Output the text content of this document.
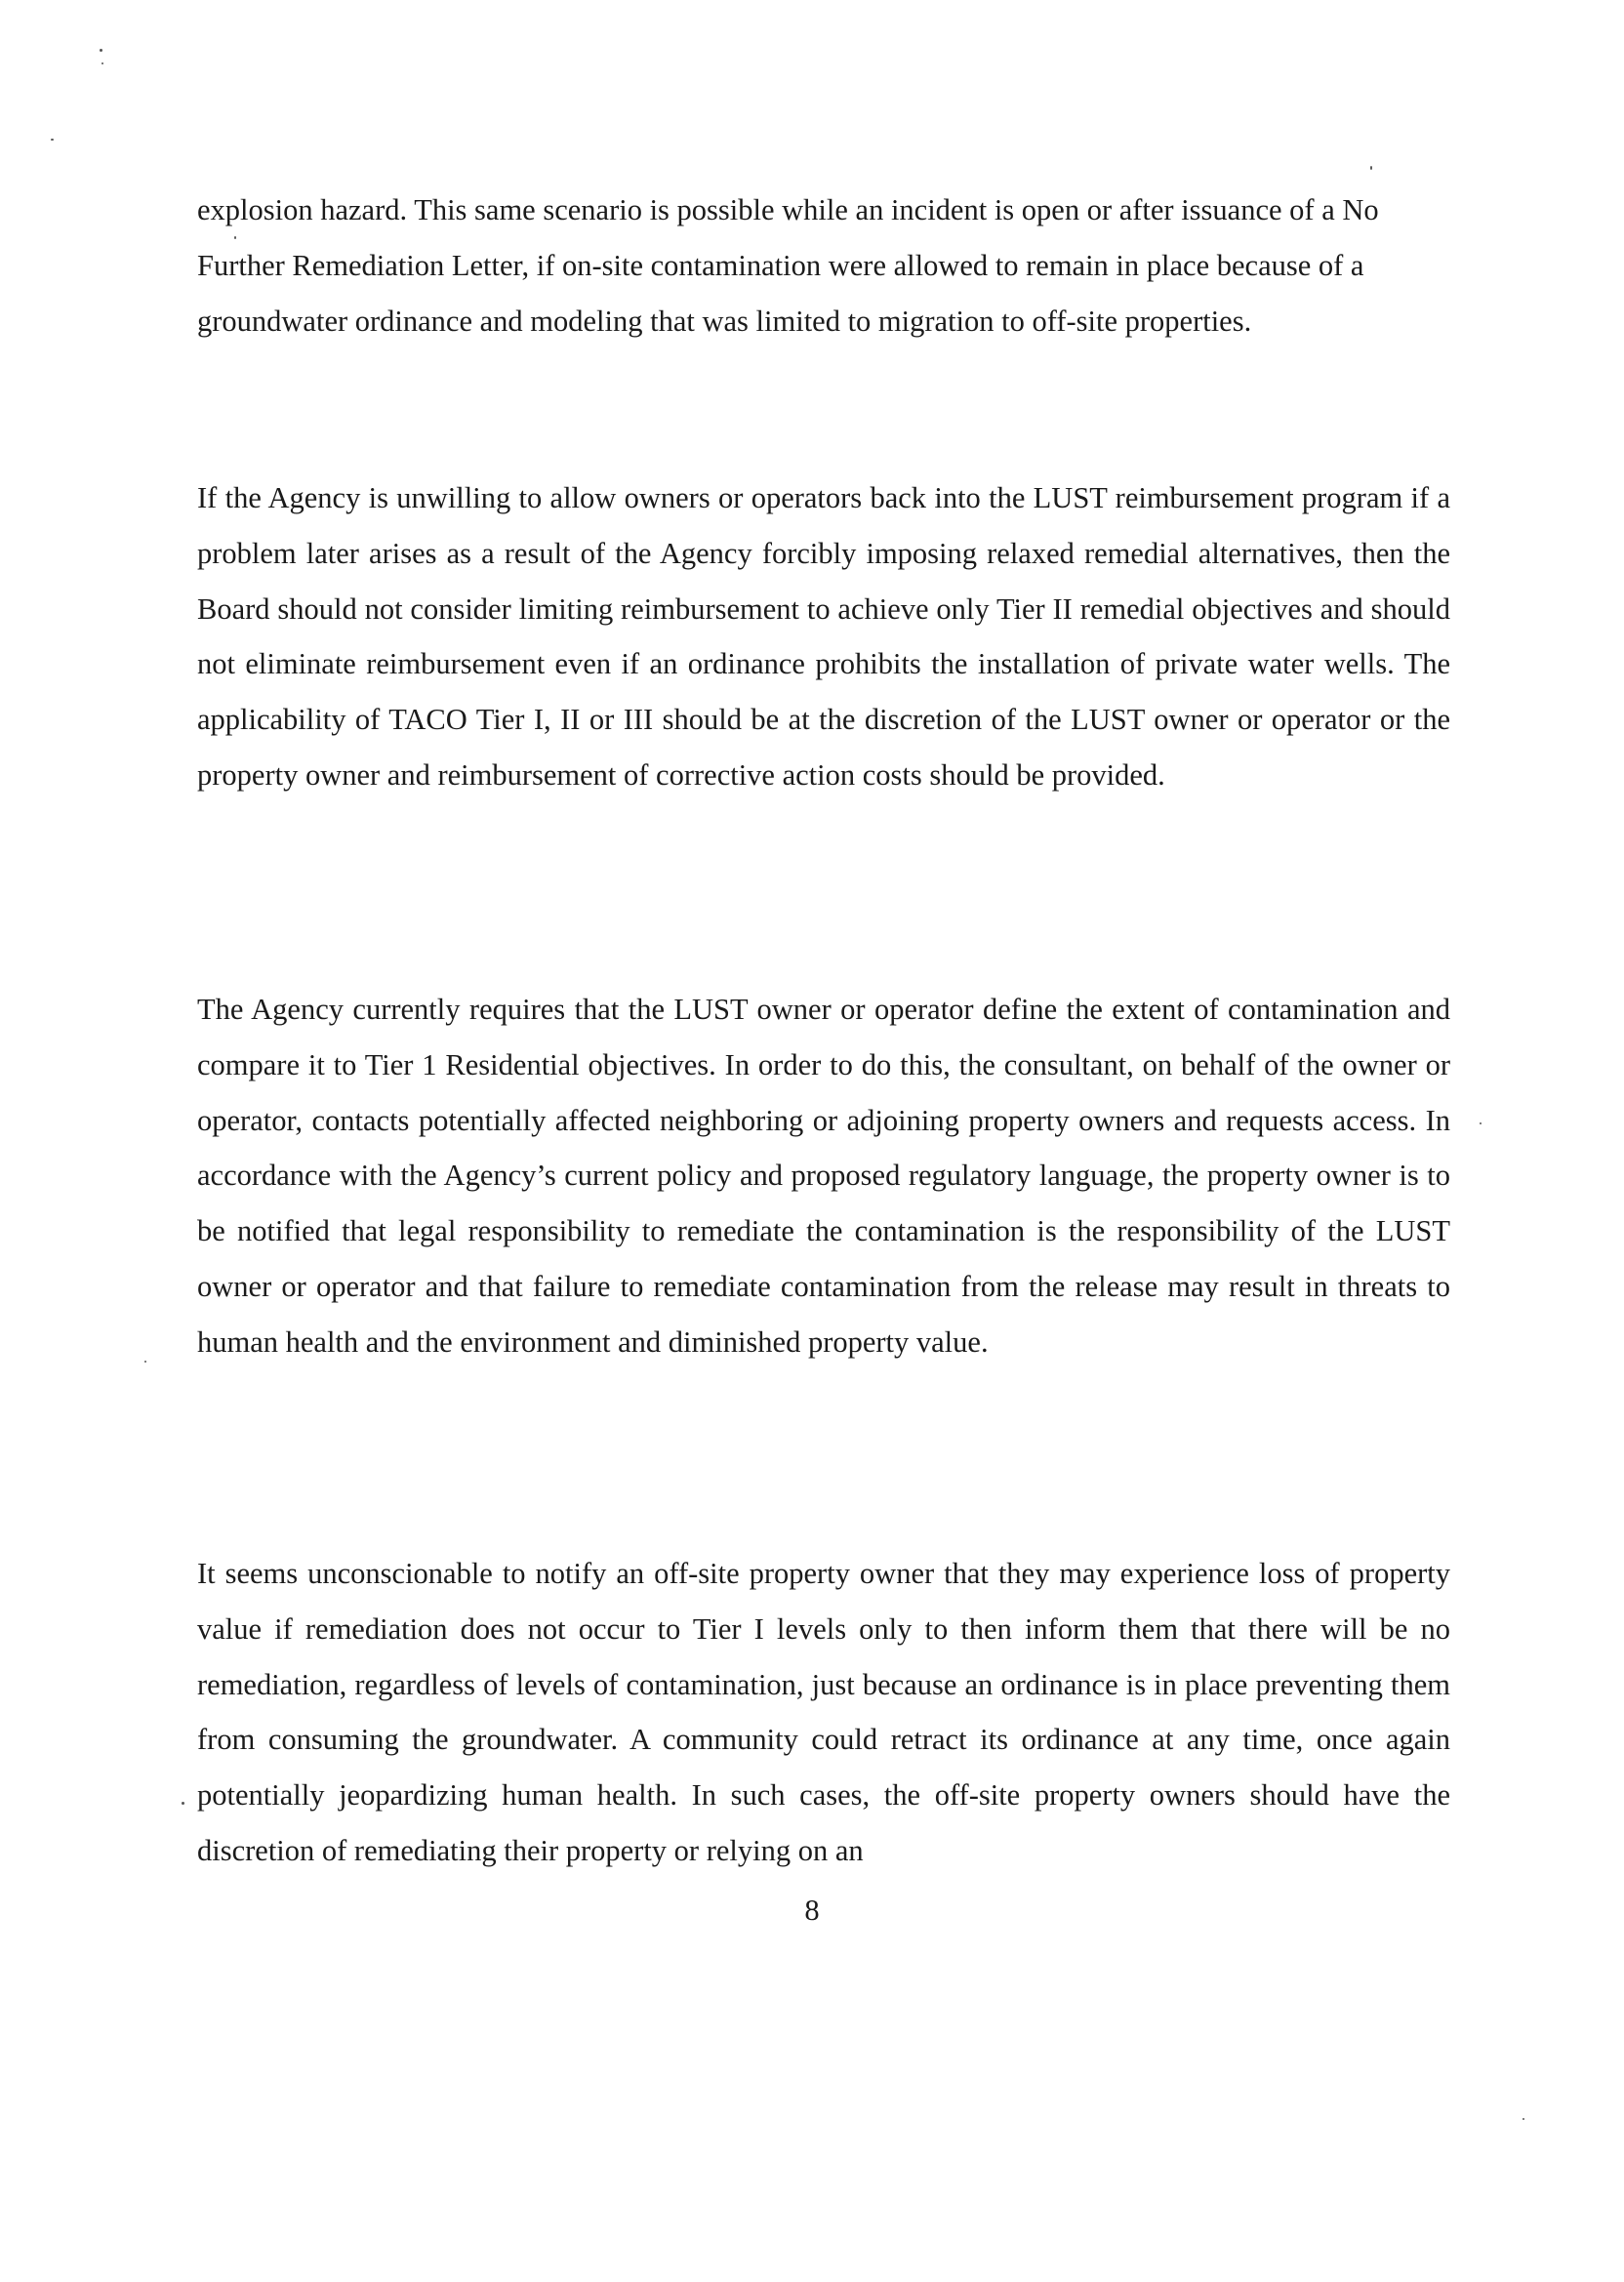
explosion hazard. This same scenario is possible while an incident is open or after issuance of a No Further Remediation Letter, if on-site contamination were allowed to remain in place because of a groundwater ordinance and modeling that was limited to migration to off-site properties.

If the Agency is unwilling to allow owners or operators back into the LUST reimbursement program if a problem later arises as a result of the Agency forcibly imposing relaxed remedial alternatives, then the Board should not consider limiting reimbursement to achieve only Tier II remedial objectives and should not eliminate reimbursement even if an ordinance prohibits the installation of private water wells. The applicability of TACO Tier I, II or III should be at the discretion of the LUST owner or operator or the property owner and reimbursement of corrective action costs should be provided.

The Agency currently requires that the LUST owner or operator define the extent of contamination and compare it to Tier 1 Residential objectives. In order to do this, the consultant, on behalf of the owner or operator, contacts potentially affected neighboring or adjoining property owners and requests access. In accordance with the Agency’s current policy and proposed regulatory language, the property owner is to be notified that legal responsibility to remediate the contamination is the responsibility of the LUST owner or operator and that failure to remediate contamination from the release may result in threats to human health and the environment and diminished property value.

It seems unconscionable to notify an off-site property owner that they may experience loss of property value if remediation does not occur to Tier I levels only to then inform them that there will be no remediation, regardless of levels of contamination, just because an ordinance is in place preventing them from consuming the groundwater. A community could retract its ordinance at any time, once again potentially jeopardizing human health. In such cases, the off-site property owners should have the discretion of remediating their property or relying on an

8
